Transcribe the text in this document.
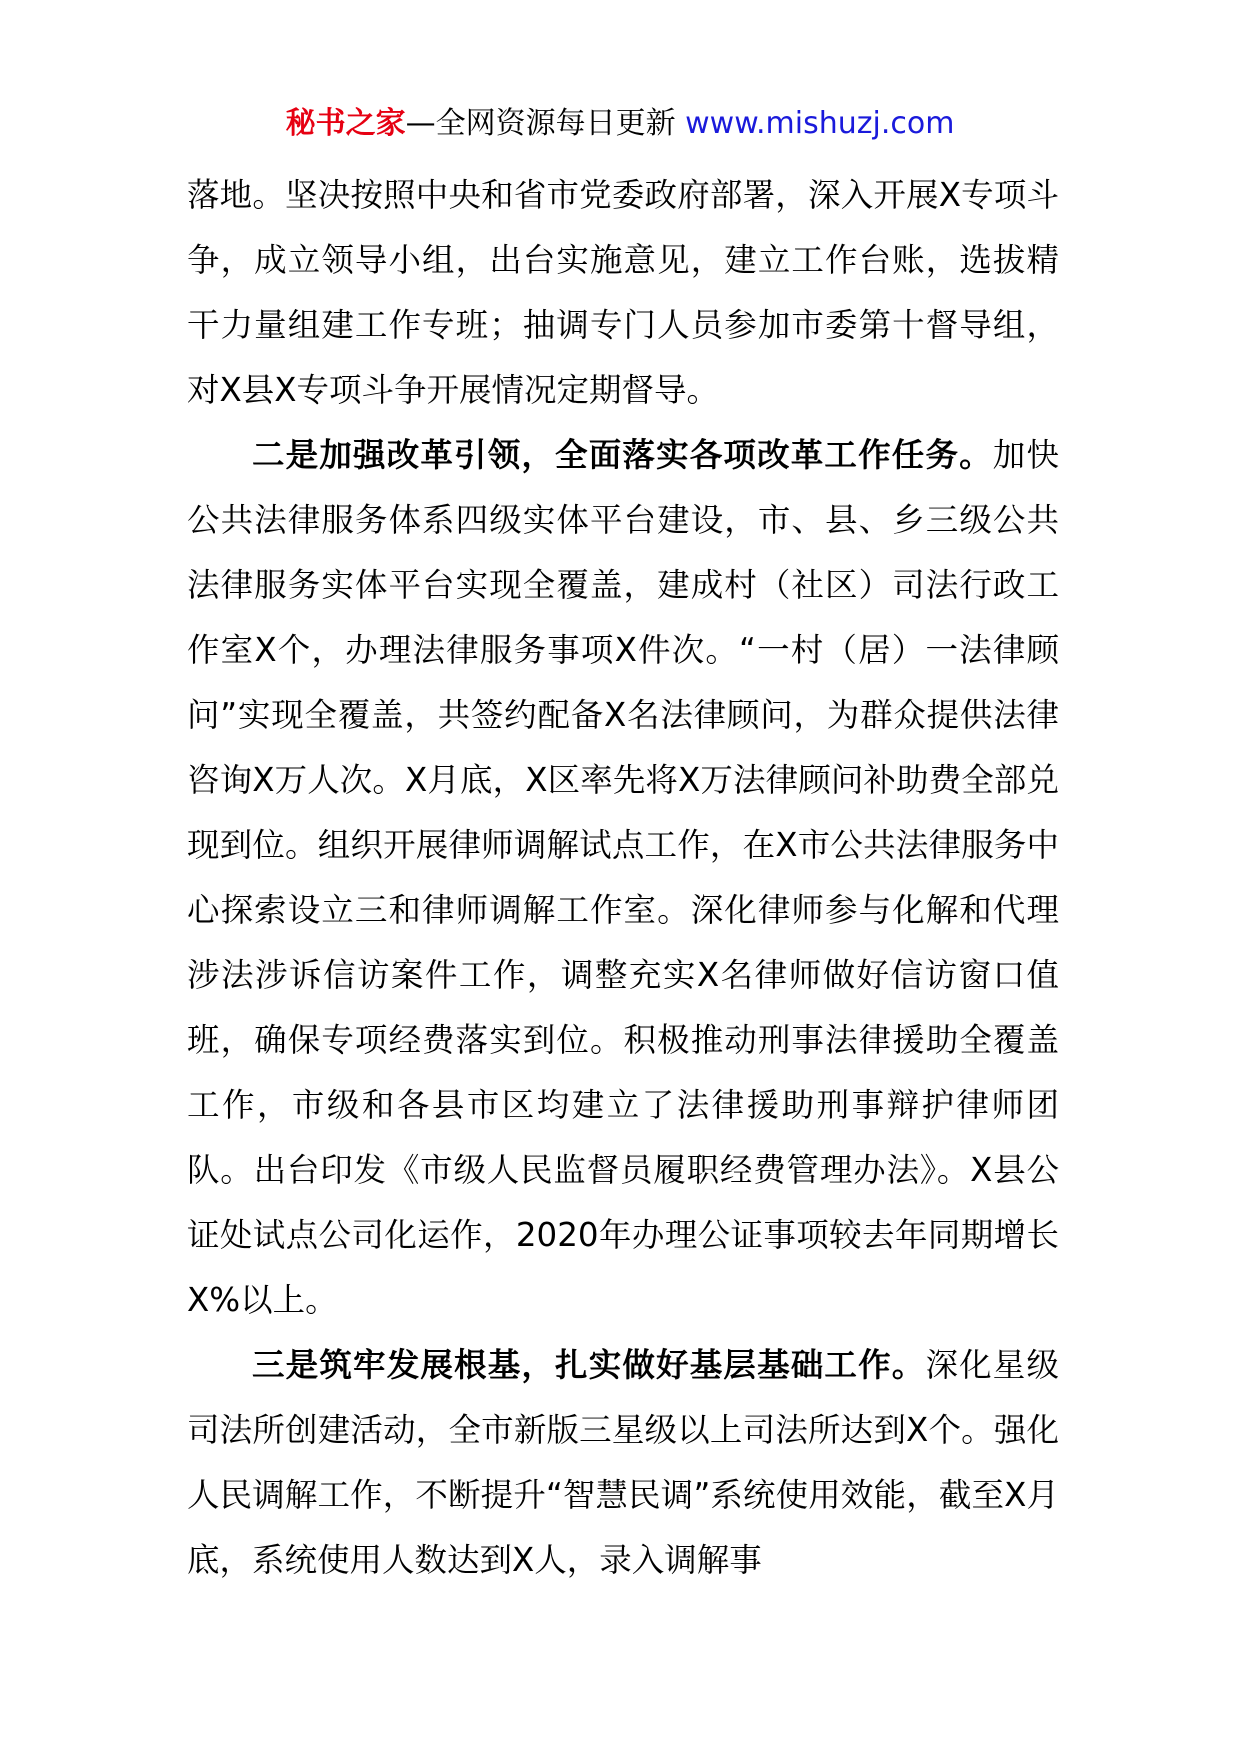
秘书之家—全网资源每日更新 www.mishuzj.com

落地。坚决按照中央和省市党委政府部署，深入开展X专项斗争，成立领导小组，出台实施意见，建立工作台账，选拔精干力量组建工作专班；抽调专门人员参加市委第十督导组，对X县X专项斗争开展情况定期督导。

二是加强改革引领，全面落实各项改革工作任务。加快公共法律服务体系四级实体平台建设，市、县、乡三级公共法律服务实体平台实现全覆盖，建成村（社区）司法行政工作室X个，办理法律服务事项X件次。“一村（居）一法律顾问”实现全覆盖，共签约配备X名法律顾问，为群众提供法律咨询X万人次。X月底，X区率先将X万法律顾问补助费全部兑现到位。组织开展律师调解试点工作，在X市公共法律服务中心探索设立三和律师调解工作室。深化律师参与化解和代理涉法涉诉信访案件工作，调整充实X名律师做好信访窗口值班，确保专项经费落实到位。积极推动刑事法律援助全覆盖工作，市级和各县市区均建立了法律援助刑事辩护律师团队。出台印发《市级人民监督员履职经费管理办法》。X县公证处试点公司化运作，2020年办理公证事项较去年同期增长X%以上。

三是筑牢发展根基，扎实做好基层基础工作。深化星级司法所创建活动，全市新版三星级以上司法所达到X个。强化人民调解工作，不断提升“智慧民调”系统使用效能，截至X月底，系统使用人数达到X人，录入调解事
